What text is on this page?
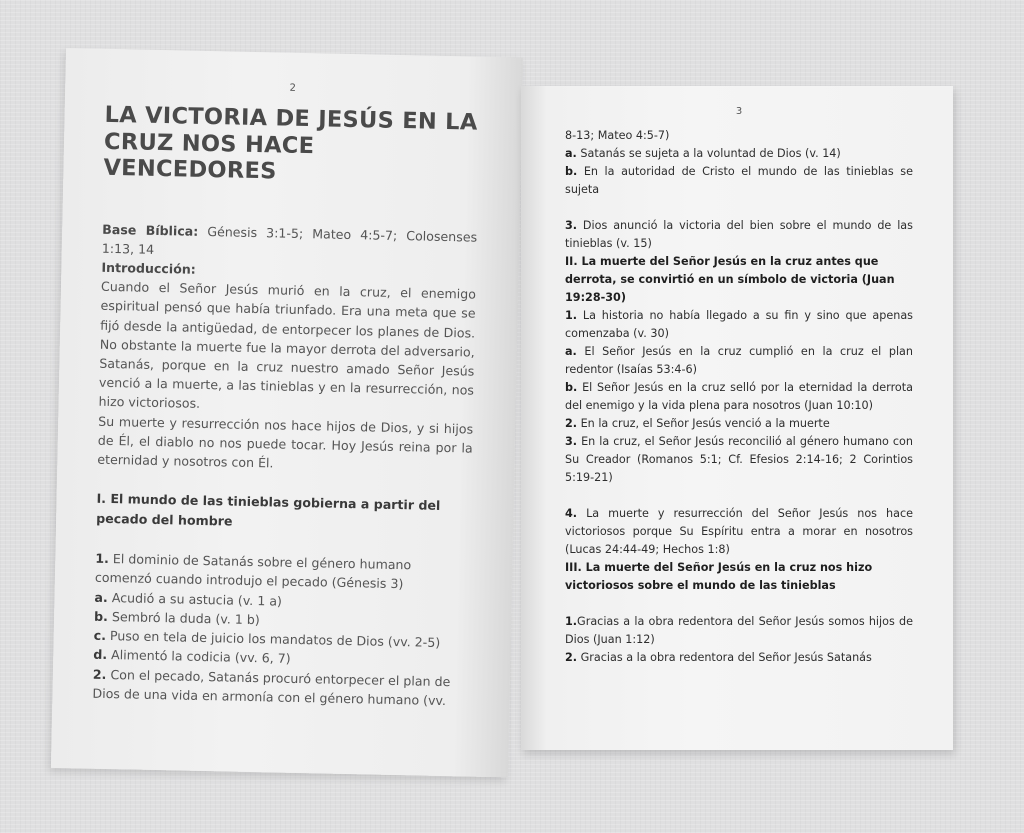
2

LA VICTORIA DE JESÚS EN LA CRUZ NOS HACE VENCEDORES

Base Bíblica: Génesis 3:1-5; Mateo 4:5-7; Colosenses 1:13, 14

Introducción:

Cuando el Señor Jesús murió en la cruz, el enemigo espiritual pensó que había triunfado. Era una meta que se fijó desde la antigüedad, de entorpecer los planes de Dios. No obstante la muerte fue la mayor derrota del adversario, Satanás, porque en la cruz nuestro amado Señor Jesús venció a la muerte, a las tinieblas y en la resurrección, nos hizo victoriosos.

Su muerte y resurrección nos hace hijos de Dios, y si hijos de Él, el diablo no nos puede tocar. Hoy Jesús reina por la eternidad y nosotros con Él.

I. El mundo de las tinieblas gobierna a partir del pecado del hombre

1. El dominio de Satanás sobre el género humano comenzó cuando introdujo el pecado (Génesis 3)

a. Acudió a su astucia (v. 1 a)

b. Sembró la duda (v. 1 b)

c. Puso en tela de juicio los mandatos de Dios (vv. 2-5)

d. Alimentó la codicia (vv. 6, 7)

2. Con el pecado, Satanás procuró entorpecer el plan de Dios de una vida en armonía con el género humano (vv.

3

8-13; Mateo 4:5-7)

a. Satanás se sujeta a la voluntad de Dios (v. 14)

b. En la autoridad de Cristo el mundo de las tinieblas se sujeta

3. Dios anunció la victoria del bien sobre el mundo de las tinieblas (v. 15)

II. La muerte del Señor Jesús en la cruz antes que derrota, se convirtió en un símbolo de victoria (Juan 19:28-30)

1. La historia no había llegado a su fin y sino que apenas comenzaba (v. 30)

a. El Señor Jesús en la cruz cumplió en la cruz el plan redentor (Isaías 53:4-6)

b. El Señor Jesús en la cruz selló por la eternidad la derrota del enemigo y la vida plena para nosotros (Juan 10:10)

2. En la cruz, el Señor Jesús venció a la muerte

3. En la cruz, el Señor Jesús reconcilió al género humano con Su Creador (Romanos 5:1; Cf. Efesios 2:14-16; 2 Corintios 5:19-21)

4. La muerte y resurrección del Señor Jesús nos hace victoriosos porque Su Espíritu entra a morar en nosotros (Lucas 24:44-49; Hechos 1:8)

III. La muerte del Señor Jesús en la cruz nos hizo victoriosos sobre el mundo de las tinieblas

1.Gracias a la obra redentora del Señor Jesús somos hijos de Dios (Juan 1:12)

2. Gracias a la obra redentora del Señor Jesús Satanás
